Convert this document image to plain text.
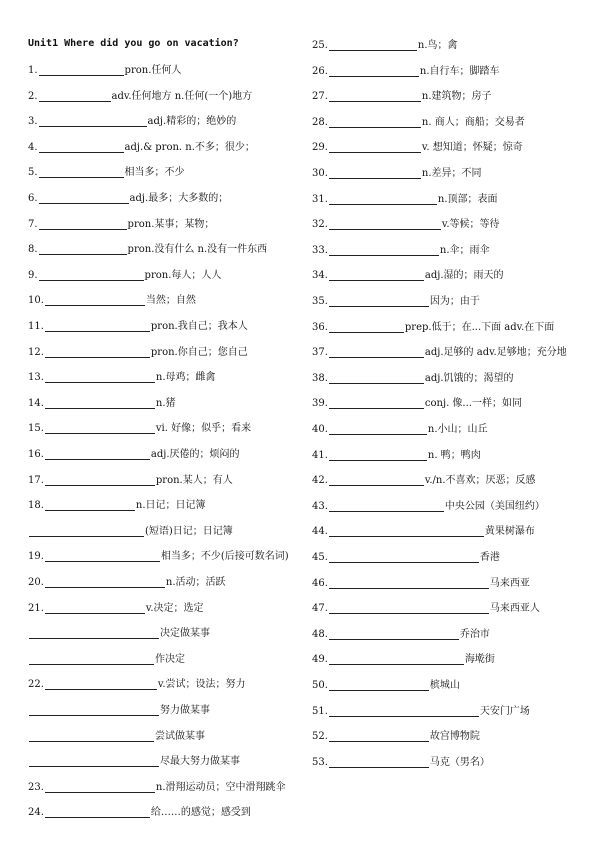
Unit1 Where did you go on vacation?
1.	pron.任何人
2.	adv.任何地方 n.任何(一个)地方
3.	adj.精彩的；绝妙的
4.	adj.& pron. n.不多；很少；
5.	相当多；不少
6.	adj.最多；大多数的；
7.	pron.某事；某物；
8.	pron.没有什么 n.没有一件东西
9.	pron.每人；人人
10.	当然；自然
11.	pron.我自己；我本人
12.	pron.你自己；您自己
13.	n.母鸡；雌禽
14.	n.猪
15.	vi. 好像；似乎；看来
16.	adj.厌倦的；烦闷的
17.	pron.某人；有人
18.	n.日记；日记簿
(短语)日记；日记簿
19.	相当多；不少(后接可数名词)
20.	n.活动；活跃
21.	v.决定；选定
决定做某事
作决定
22.	v.尝试；设法；努力
努力做某事
尝试做某事
尽最大努力做某事
23.	n.滑翔运动员；空中滑翔跳伞
24.	给……的感觉；感受到
25.	n.鸟；禽
26.	n.自行车；脚踏车
27.	n.建筑物；房子
28.	n. 商人；商船；交易者
29.	v. 想知道；怀疑；惊奇
30.	n.差异；不同
31.	n.顶部；表面
32.	v.等候；等待
33.	n.伞；雨伞
34.	adj.湿的；雨天的
35.	因为；由于
36.	prep.低于；在...下面 adv.在下面
37.	adj.足够的 adv.足够地；充分地
38.	adj.饥饿的；渴望的
39.	conj. 像...一样；如同
40.	n.小山；山丘
41.	n. 鸭；鸭肉
42.	v./n.不喜欢；厌恶；反感
43.	中央公园（美国纽约）
44.	黄果树瀑布
45.	香港
46.	马来西亚
47.	马来西亚人
48.	乔治市
49.	海墘街
50.	槟城山
51.	天安门广场
52.	故宫博物院
53.	马克（男名）
